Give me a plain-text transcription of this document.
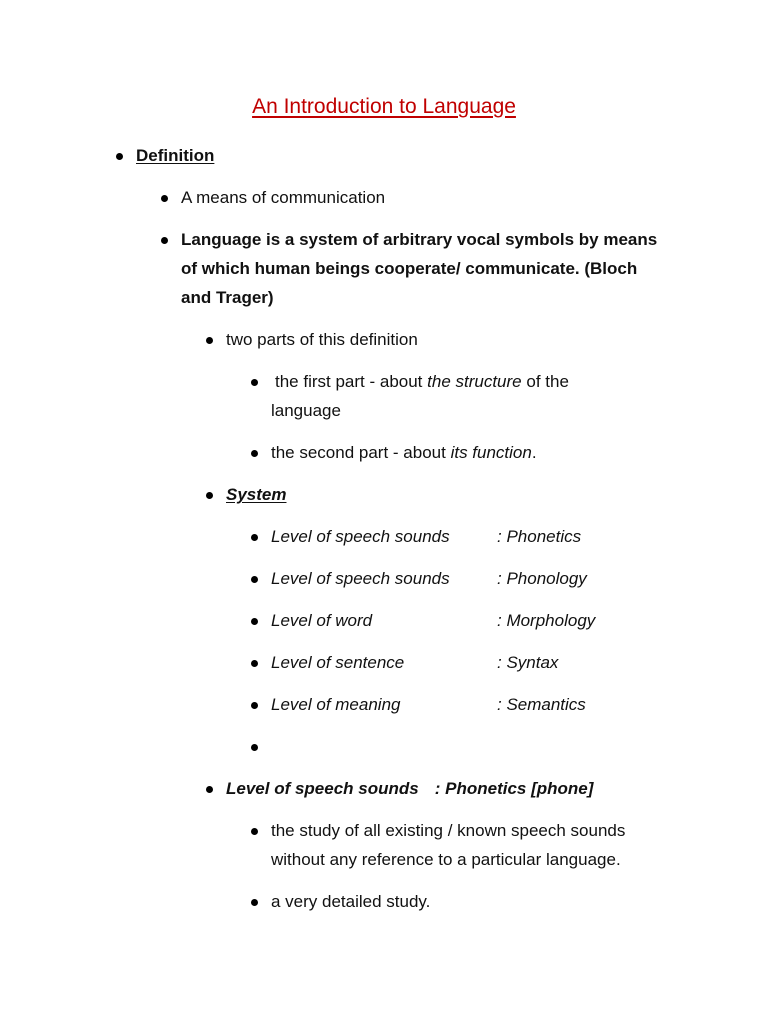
An Introduction to Language
Definition
A means of communication
Language is a system of arbitrary vocal symbols by means
of which human beings cooperate/ communicate. (Bloch
and Trager)
two parts of this definition
the first part - about the structure of the
language
the second part - about its function.
System
Level of speech sounds	: Phonetics
Level of speech sounds	: Phonology
Level of word	: Morphology
Level of sentence	: Syntax
Level of meaning	: Semantics
Level of speech sounds : Phonetics [phone]
the study of all existing / known speech sounds
without any reference to a particular language.
a very detailed study.
